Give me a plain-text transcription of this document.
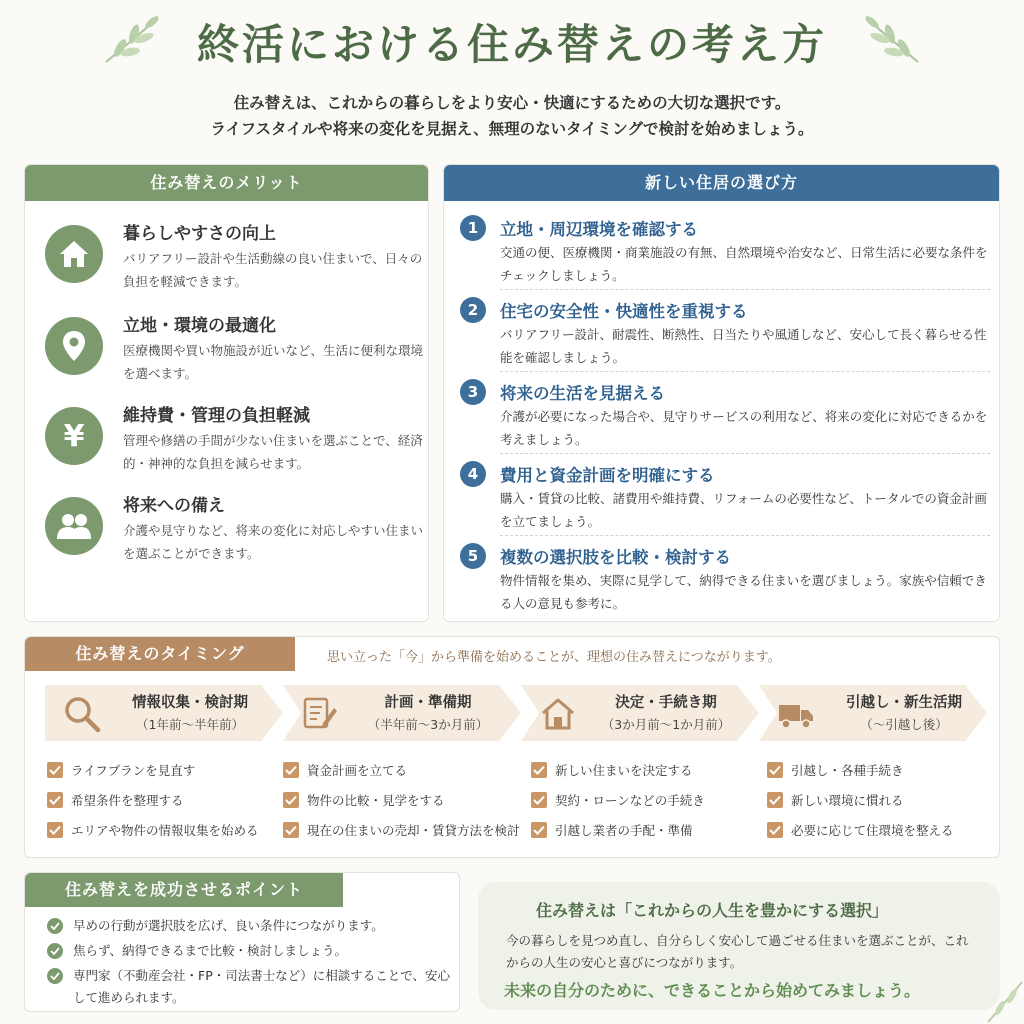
終活における住み替えの考え方
住み替えは、これからの暮らしをより安心・快適にするための大切な選択です。
ライフスタイルや将来の変化を見据え、無理のないタイミングで検討を始めましょう。
住み替えのメリット
暮らしやすさの向上
バリアフリー設計や生活動線の良い住まいで、日々の負担を軽減できます。
立地・環境の最適化
医療機関や買い物施設が近いなど、生活に便利な環境を選べます。
¥
維持費・管理の負担軽減
管理や修繕の手間が少ない住まいを選ぶことで、経済的・神神的な負担を減らせます。
将来への備え
介護や見守りなど、将来の変化に対応しやすい住まいを選ぶことができます。
新しい住居の選び方
1	立地・周辺環境を確認する
交通の便、医療機関・商業施設の有無、自然環境や治安など、日常生活に必要な条件をチェックしましょう。
2	住宅の安全性・快適性を重視する
バリアフリー設計、耐震性、断熱性、日当たりや風通しなど、安心して長く暮らせる性能を確認しましょう。
3	将来の生活を見据える
介護が必要になった場合や、見守りサービスの利用など、将来の変化に対応できるかを考えましょう。
4	費用と資金計画を明確にする
購入・賃貸の比較、諸費用や維持費、リフォームの必要性など、トータルでの資金計画を立てましょう。
5	複数の選択肢を比較・検討する
物件情報を集め、実際に見学して、納得できる住まいを選びましょう。家族や信頼できる人の意見も参考に。
住み替えのタイミング	思い立った「今」から準備を始めることが、理想の住み替えにつながります。
情報収集・検討期
（1年前～半年前）
ライフプランを見直す
希望条件を整理する
エリアや物件の情報収集を始める
計画・準備期
（半年前～3か月前）
資金計画を立てる
物件の比較・見学をする
現在の住まいの売却・賃貸方法を検討
決定・手続き期
（3か月前～1か月前）
新しい住まいを決定する
契約・ローンなどの手続き
引越し業者の手配・準備
引越し・新生活期
（～引越し後）
引越し・各種手続き
新しい環境に慣れる
必要に応じて住環境を整える
住み替えを成功させるポイント
早めの行動が選択肢を広げ、良い条件につながります。
焦らず、納得できるまで比較・検討しましょう。
専門家（不動産会社・FP・司法書士など）に相談することで、安心して進められます。
住み替えは「これからの人生を豊かにする選択」
今の暮らしを見つめ直し、自分らしく安心して過ごせる住まいを選ぶことが、これからの人生の安心と喜びにつながります。
未来の自分のために、できることから始めてみましょう。
